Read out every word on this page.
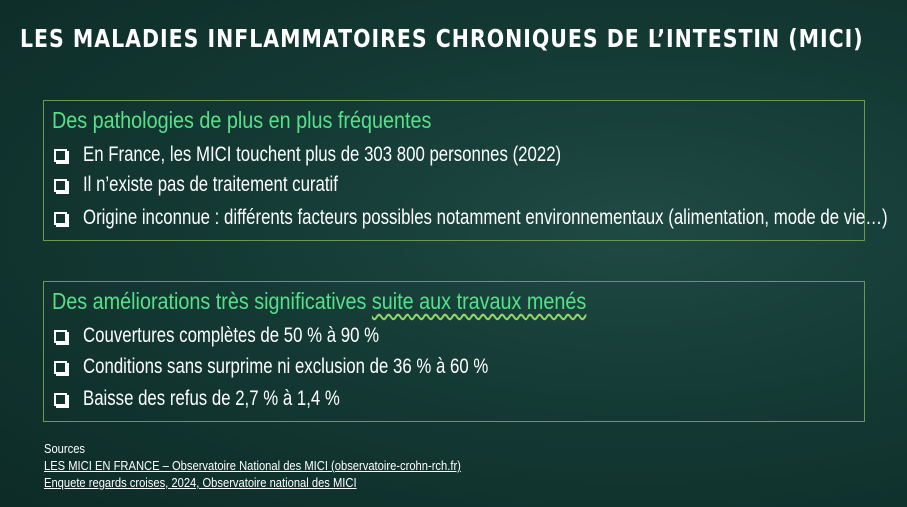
LES MALADIES INFLAMMATOIRES CHRONIQUES DE L’INTESTIN (MICI)
Des pathologies de plus en plus fréquentes
En France, les MICI touchent plus de 303 800 personnes (2022)
Il n’existe pas de traitement curatif
Origine inconnue : différents facteurs possibles notamment environnementaux (alimentation, mode de vie…)
Des améliorations très significatives suite aux travaux menés
Couvertures complètes de 50 % à 90 %
Conditions sans surprime ni exclusion de 36 % à 60 %
Baisse des refus de 2,7 % à 1,4 %
Sources
LES MICI EN FRANCE – Observatoire National des MICI (observatoire-crohn-rch.fr)
Enquete regards croises, 2024, Observatoire national des MICI
